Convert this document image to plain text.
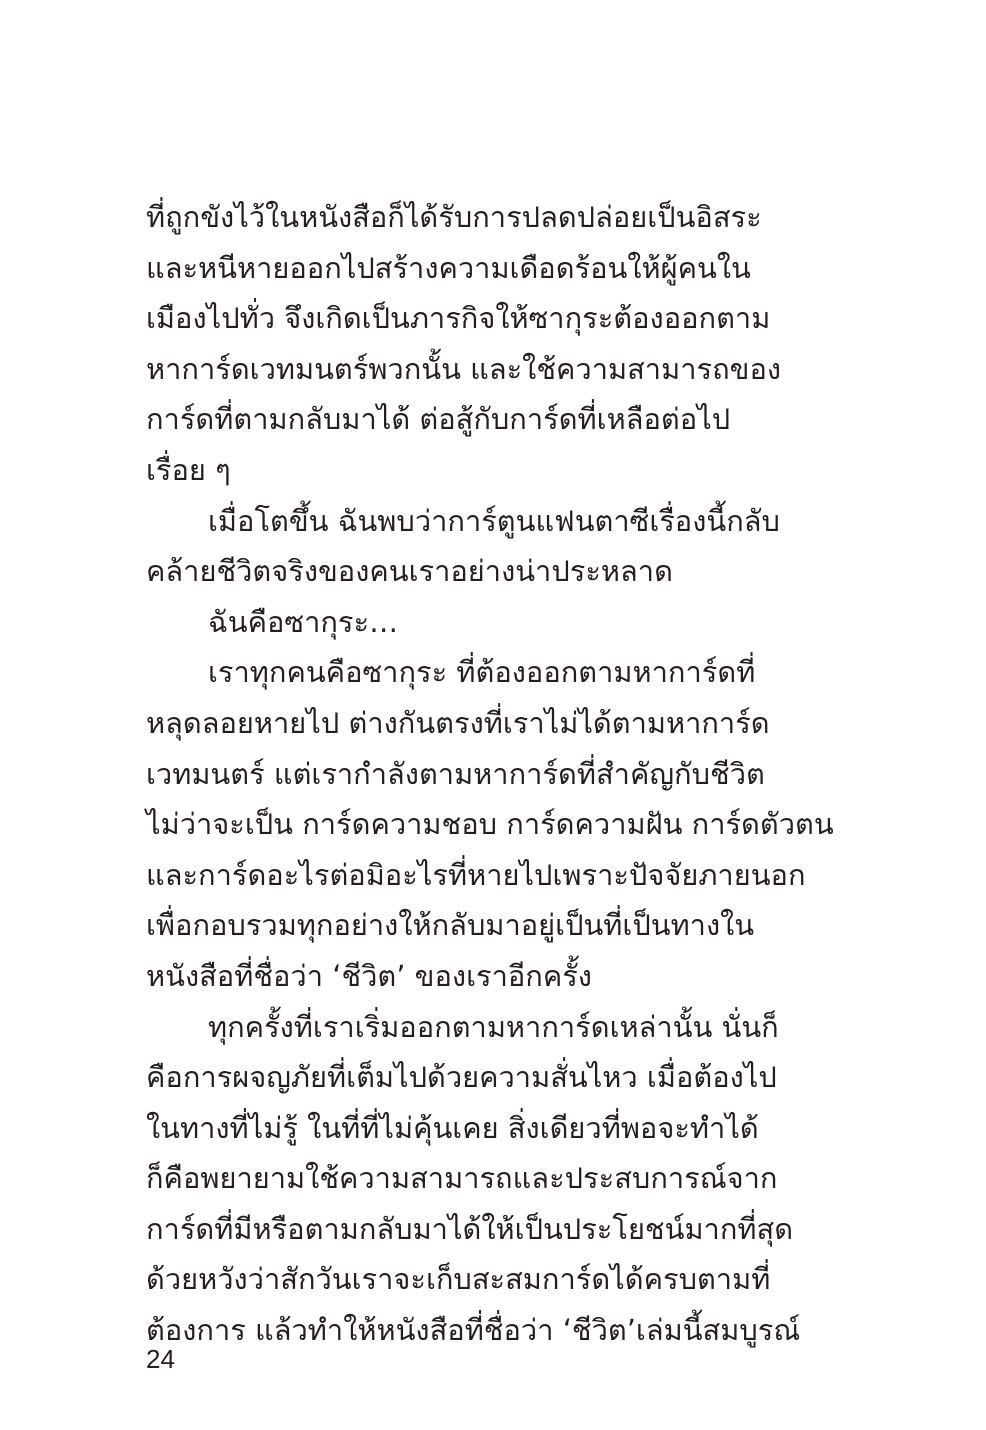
ที่ถูกขังไว้ในหนังสือก็ได้รับการปลดปล่อยเป็นอิสระ
และหนีหายออกไปสร้างความเดือดร้อนให้ผู้คนใน
เมืองไปทั่ว จึงเกิดเป็นภารกิจให้ซากุระต้องออกตาม
หาการ์ดเวทมนตร์พวกนั้น และใช้ความสามารถของ
การ์ดที่ตามกลับมาได้ ต่อสู้กับการ์ดที่เหลือต่อไป
เรื่อย ๆ
เมื่อโตขึ้น ฉันพบว่าการ์ตูนแฟนตาซีเรื่องนี้กลับ
คล้ายชีวิตจริงของคนเราอย่างน่าประหลาด
ฉันคือซากุระ…
เราทุกคนคือซากุระ ที่ต้องออกตามหาการ์ดที่
หลุดลอยหายไป ต่างกันตรงที่เราไม่ได้ตามหาการ์ด
เวทมนตร์ แต่เรากำลังตามหาการ์ดที่สำคัญกับชีวิต
ไม่ว่าจะเป็น การ์ดความชอบ การ์ดความฝัน การ์ดตัวตน
และการ์ดอะไรต่อมิอะไรที่หายไปเพราะปัจจัยภายนอก
เพื่อกอบรวมทุกอย่างให้กลับมาอยู่เป็นที่เป็นทางใน
หนังสือที่ชื่อว่า ‘ชีวิต’ ของเราอีกครั้ง
ทุกครั้งที่เราเริ่มออกตามหาการ์ดเหล่านั้น นั่นก็
คือการผจญภัยที่เต็มไปด้วยความสั่นไหว เมื่อต้องไป
ในทางที่ไม่รู้ ในที่ที่ไม่คุ้นเคย สิ่งเดียวที่พอจะทำได้
ก็คือพยายามใช้ความสามารถและประสบการณ์จาก
การ์ดที่มีหรือตามกลับมาได้ให้เป็นประโยชน์มากที่สุด
ด้วยหวังว่าสักวันเราจะเก็บสะสมการ์ดได้ครบตามที่
ต้องการ แล้วทำให้หนังสือที่ชื่อว่า ‘ชีวิต’เล่มนี้สมบูรณ์
24
